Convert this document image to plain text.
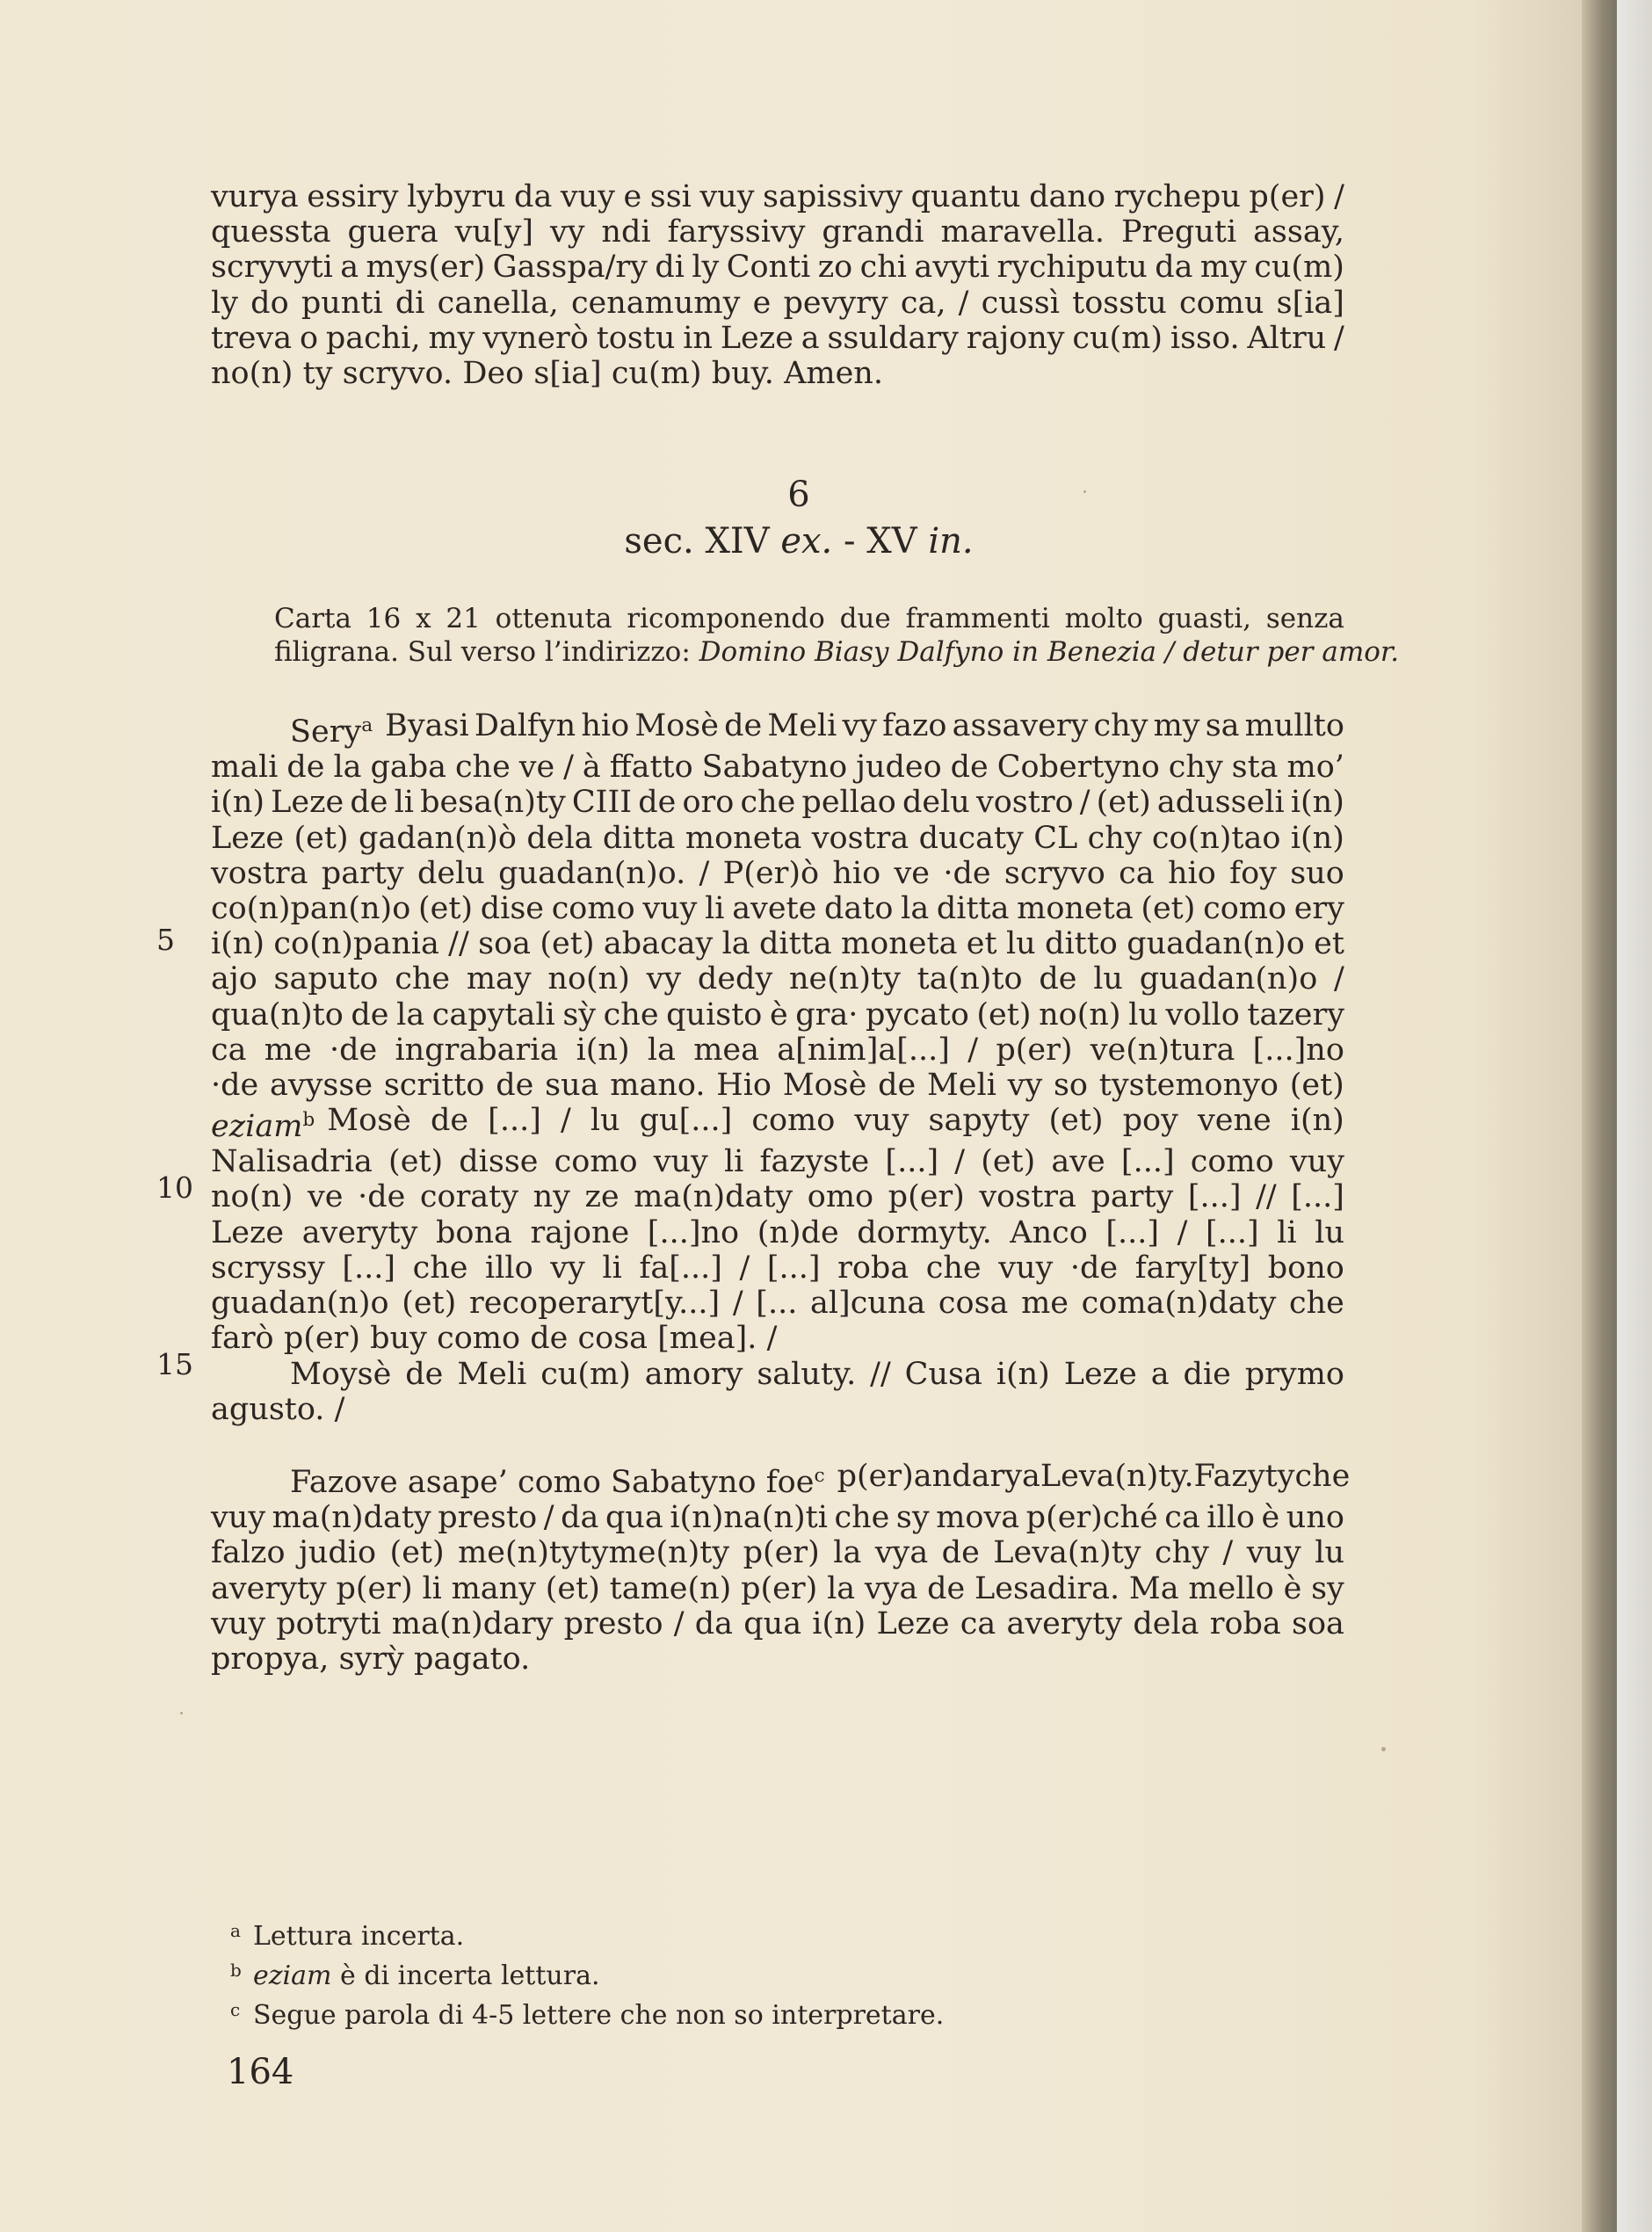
vurya essiry lybyru da vuy e ssi vuy sapissivy quantu dano rychepu p(er) /
quessta guera vu[y] vy ndi faryssivy grandi maravella. Preguti assay,
scryvyti a mys(er) Gasspa/ry di ly Conti zo chi avyti rychiputu da my cu(m)
ly do punti di canella, cenamumy e pevyry ca, / cussì tosstu comu s[ia]
treva o pachi, my vynerò tostu in Leze a ssuldary rajony cu(m) isso. Altru /
no(n) ty scryvo. Deo s[ia] cu(m) buy. Amen.
6
sec. XIV ex. - XV in.
Carta 16 x 21 ottenuta ricomponendo due frammenti molto guasti, senza
filigrana. Sul verso l’indirizzo: Domino Biasy Dalfyno in Benezia / detur per amor.
Sery$^a$ Byasi Dalfyn hio Mosè de Meli vy fazo assavery chy my sa mullto
mali de la gaba che ve / à ffatto Sabatyno judeo de Cobertyno chy sta mo’
i(n) Leze de li besa(n)ty CIII de oro che pellao delu vostro / (et) adusseli i(n)
Leze (et) gadan(n)ò dela ditta moneta vostra ducaty CL chy co(n)tao i(n)
vostra party delu guadan(n)o. / P(er)ò hio ve ·de scryvo ca hio foy suo
co(n)pan(n)o (et) dise como vuy li avete dato la ditta moneta (et) como ery
i(n) co(n)pania // soa (et) abacay la ditta moneta et lu ditto guadan(n)o et
ajo saputo che may no(n) vy dedy ne(n)ty ta(n)to de lu guadan(n)o /
qua(n)to de la capytali sỳ che quisto è gra· pycato (et) no(n) lu vollo tazery
ca me ·de ingrabaria i(n) la mea a[nim]a[...] / p(er) ve(n)tura [...]no
·de avysse scritto de sua mano. Hio Mosè de Meli vy so tystemonyo (et)
eziam$^b$ Mosè de [...] / lu gu[...] como vuy sapyty (et) poy vene i(n)
Nalisadria (et) disse como vuy li fazyste [...] / (et) ave [...] como vuy
no(n) ve ·de coraty ny ze ma(n)daty omo p(er) vostra party [...] // [...]
Leze averyty bona rajone [...]no (n)de dormyty. Anco [...] / [...] li lu
scryssy [...] che illo vy li fa[...] / [...] roba che vuy ·de fary[ty] bono
guadan(n)o (et) recoperaryt[y...] / [... al]cuna cosa me coma(n)daty che
farò p(er) buy como de cosa [mea]. /
Moysè de Meli cu(m) amory saluty. // Cusa i(n) Leze a die prymo
agusto. /
5
10
15
Fazove asape’ como Sabatyno foe$^c$ p(er) andary a Leva(n)ty. Fazyty che
vuy ma(n)daty presto / da qua i(n)na(n)ti che sy mova p(er)ché ca illo è uno
falzo judio (et) me(n)tytyme(n)ty p(er) la vya de Leva(n)ty chy / vuy lu
averyty p(er) li many (et) tame(n) p(er) la vya de Lesadira. Ma mello è sy
vuy potryti ma(n)dary presto / da qua i(n) Leze ca averyty dela roba soa
propya, syrỳ pagato.
a Lettura incerta.
b eziam è di incerta lettura.
c Segue parola di 4-5 lettere che non so interpretare.
164
